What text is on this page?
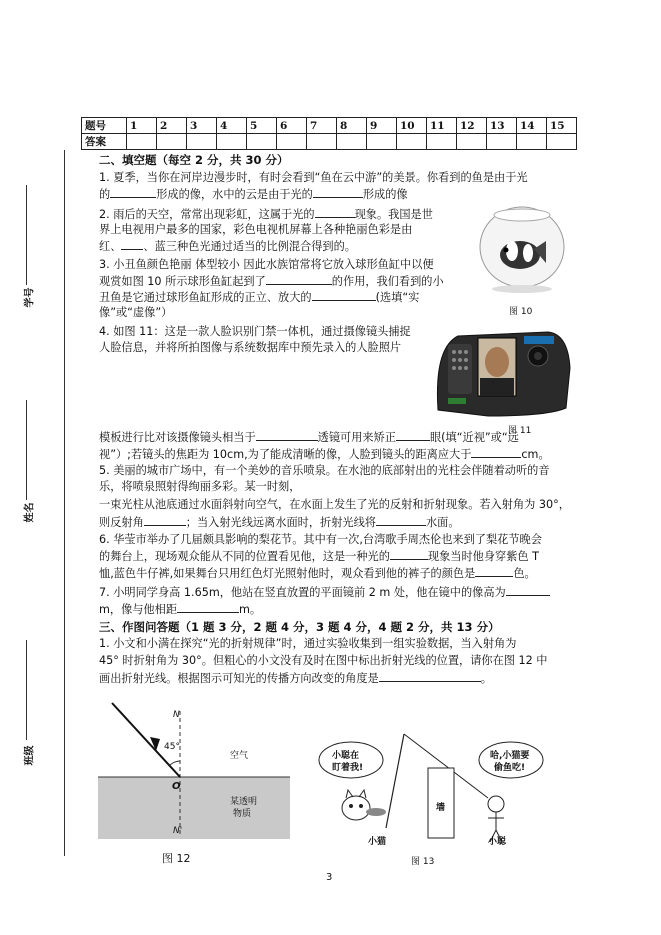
题号	1	2	3	4	5	6	7	8	9	10	11	12	13	14	15
答案															
学号
姓名
班级
二、填空题（每空 2 分，共 30 分）
1. 夏季，当你在河岸边漫步时，有时会看到“鱼在云中游”的美景。你看到的鱼是由于光
的	形成的像，水中的云是由于光的	形成的像
2. 雨后的天空，常常出现彩虹，这属于光的	现象。我国是世
界上电视用户最多的国家，彩色电视机屏幕上各种艳丽色彩是由
红、 、蓝三种色光通过适当的比例混合得到的。
3. 小丑鱼颜色艳丽 体型较小 因此水族馆常将它放入球形鱼缸中以便
观赏如图 10 所示球形鱼缸起到了	的作用，我们看到的小
丑鱼是它通过球形鱼缸形成的正立、放大的	(选填“实
像”或“虚像”）	图 10
4. 如图 11：这是一款人脸识别门禁一体机，通过摄像镜头捕捉
人脸信息，并将所拍图像与系统数据库中预先录入的人脸照片
图 11
模板进行比对该摄像镜头相当于	透镜可用来矫正	眼(填“近视”或“远
视”）;若镜头的焦距为 10cm,为了能成清晰的像，人脸到镜头的距离应大于	cm。
5. 美丽的城市广场中，有一个美妙的音乐喷泉。在水池的底部射出的光柱会伴随着动听的音
乐，将喷泉照射得绚丽多彩。某一时刻，
一束光柱从池底通过水面斜射向空气，在水面上发生了光的反射和折射现象。若入射角为 30°，
则反射角	；当入射光线远离水面时，折射光线将	水面。
6. 华莹市举办了几届颇具影响的梨花节。其中有一次,台湾歌手周杰伦也来到了梨花节晚会
的舞台上，现场观众能从不同的位置看见他，这是一种光的	现象当时他身穿紫色 T
恤,蓝色牛仔裤,如果舞台只用红色灯光照射他时，观众看到他的裤子的颜色是	色。
7. 小明同学身高 1.65m，他站在竖直放置的平面镜前 2 m 处，他在镜中的像高为
m，像与他相距	m。
三、作图问答题（1 题 3 分，2 题 4 分，3 题 4 分，4 题 2 分，共 13 分）
1. 小文和小满在探究“光的折射规律”时，通过实验收集到一组实验数据，当入射角为
45° 时折射角为 30°。但粗心的小文没有及时在图中标出折射光线的位置，请你在图 12 中
画出折射光线。根据图示可知光的传播方向改变的角度是	。
N
45°
O
空气
某透明
物质
N'
图 12
小聪在
盯着我!
哈,小猫要
偷鱼吃!
墙
小猫	小聪
图 13
3
